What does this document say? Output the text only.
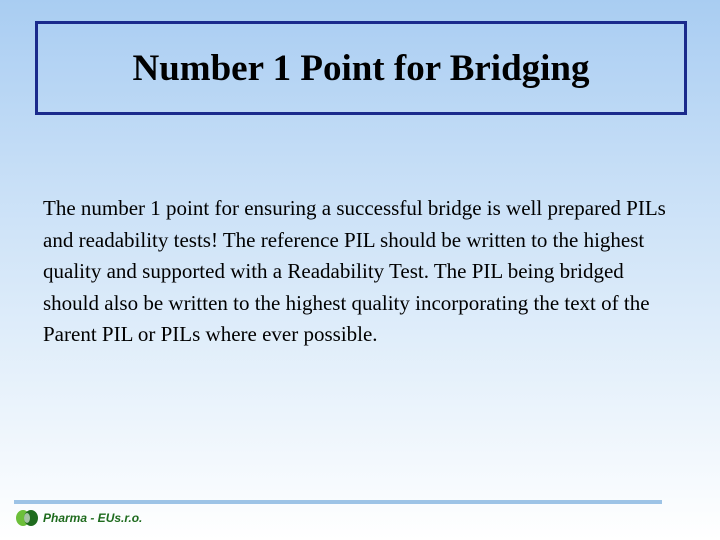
Number 1 Point for Bridging

The number 1 point for ensuring a successful bridge is well prepared PILs and readability tests! The reference PIL should be written to the highest quality and supported with a Readability Test. The PIL being bridged should also be written to the highest quality incorporating the text of the Parent PIL or PILs where ever possible.

Pharma - EUs.r.o.
